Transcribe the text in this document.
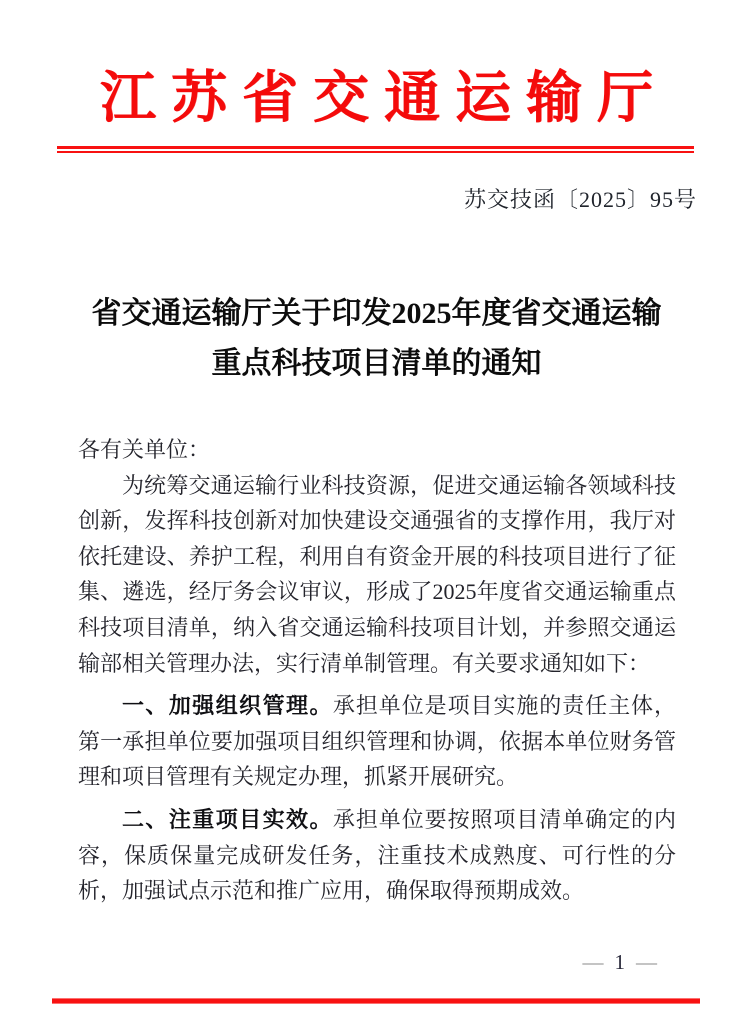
江苏省交通运输厅
苏交技函〔2025〕95号
省交通运输厅关于印发2025年度省交通运输
重点科技项目清单的通知

各有关单位：

为统筹交通运输行业科技资源，促进交通运输各领域科技创新，发挥科技创新对加快建设交通强省的支撑作用，我厅对依托建设、养护工程，利用自有资金开展的科技项目进行了征集、遴选，经厅务会议审议，形成了2025年度省交通运输重点科技项目清单，纳入省交通运输科技项目计划，并参照交通运输部相关管理办法，实行清单制管理。有关要求通知如下：

一、加强组织管理。承担单位是项目实施的责任主体，第一承担单位要加强项目组织管理和协调，依据本单位财务管理和项目管理有关规定办理，抓紧开展研究。

二、注重项目实效。承担单位要按照项目清单确定的内容，保质保量完成研发任务，注重技术成熟度、可行性的分析，加强试点示范和推广应用，确保取得预期成效。

— 1 —
